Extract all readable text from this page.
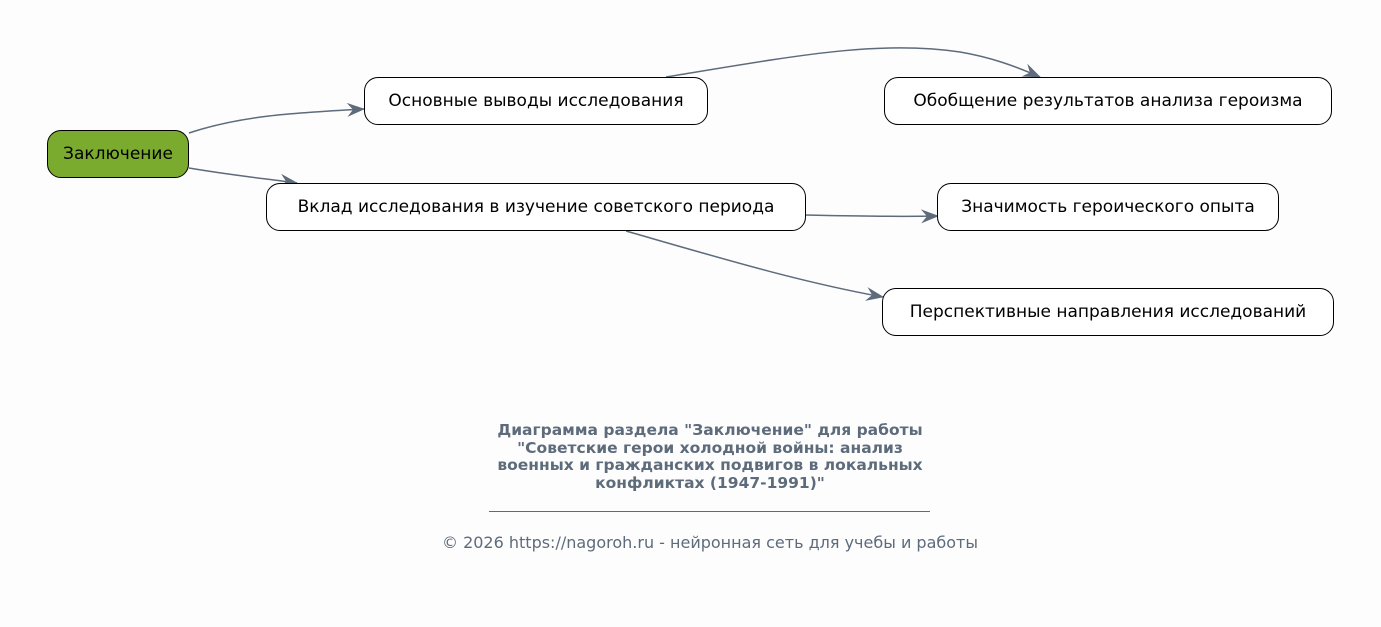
Заключение
Основные выводы исследования
Вклад исследования в изучение советского периода
Обобщение результатов анализа героизма
Значимость героического опыта
Перспективные направления исследований
Диаграмма раздела "Заключение" для работы
"Советские герои холодной войны: анализ
военных и гражданских подвигов в локальных
конфликтах (1947-1991)"
© 2026 https://nagoroh.ru - нейронная сеть для учебы и работы
